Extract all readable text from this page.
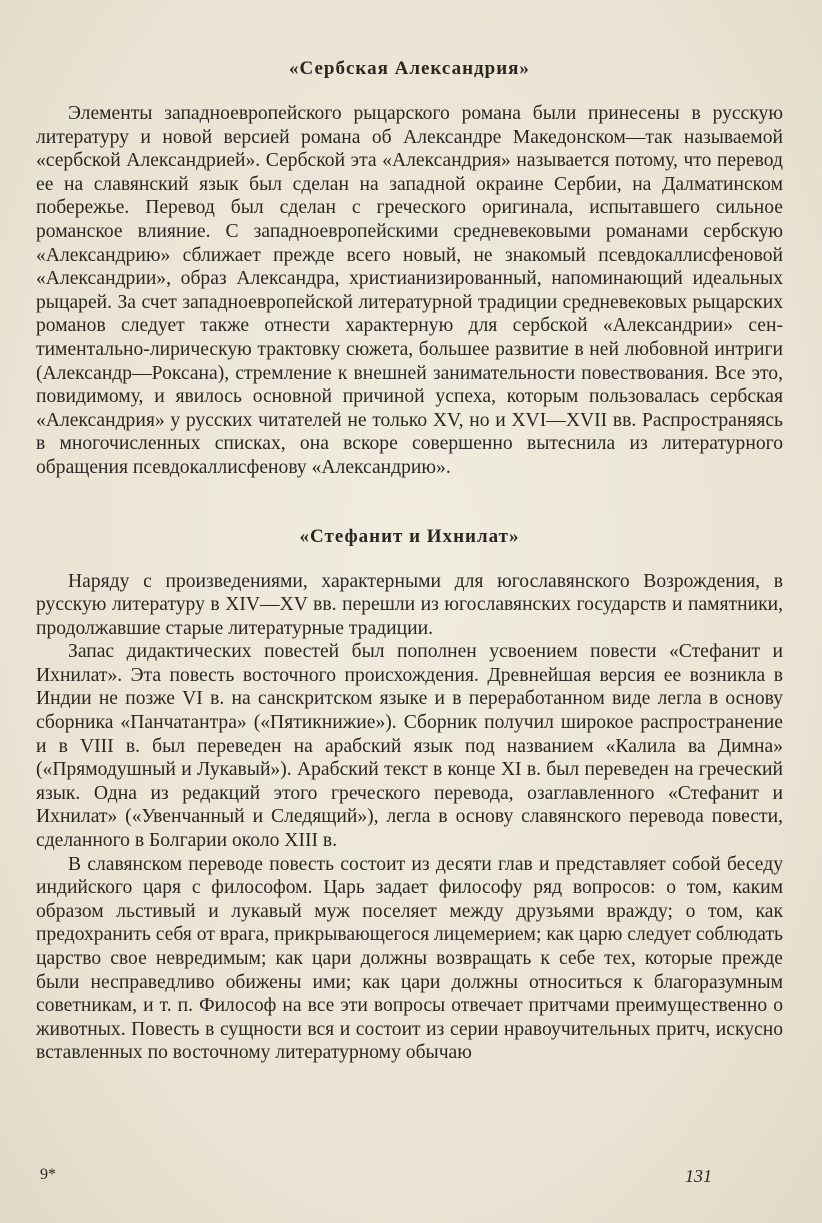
«Сербская Александрия»

Элементы западноевропейского рыцарского романа были принесены в русскую литературу и новой версией романа об Александре Македонском—так называемой «сербской Александрией». Сербской эта «Александрия» называется потому, что перевод ее на славянский язык был сделан на западной окраине Сербии, на Далматинском побережье. Перевод был сделан с греческого оригинала, испытавшего сильное романское влияние. С западноевропейскими средневековыми романами сербскую «Александрию» сближает прежде всего новый, не знакомый псевдокаллисфеновой «Александрии», образ Александра, христианизированный, напоминающий идеальных рыцарей. За счет западноевропейской литературной традиции средневековых рыцарских романов следует также отнести характерную для сербской «Александрии» сентиментально-лирическую трактовку сюжета, большее развитие в ней любовной интриги (Александр—Роксана), стремление к внешней занимательности повествования. Все это, повидимому, и явилось основной причиной успеха, которым пользовалась сербская «Александрия» у русских читателей не только XV, но и XVI—XVII вв. Распространяясь в многочисленных списках, она вскоре совершенно вытеснила из литературного обращения псевдокаллисфенову «Александрию».

«Стефанит и Ихнилат»

Наряду с произведениями, характерными для югославянского Возрождения, в русскую литературу в XIV—XV вв. перешли из югославянских государств и памятники, продолжавшие старые литературные традиции.

Запас дидактических повестей был пополнен усвоением повести «Стефанит и Ихнилат». Эта повесть восточного происхождения. Древнейшая версия ее возникла в Индии не позже VI в. на санскритском языке и в переработанном виде легла в основу сборника «Панчатантра» («Пятикнижие»). Сборник получил широкое распространение и в VIII в. был переведен на арабский язык под названием «Калила ва Димна» («Прямодушный и Лукавый»). Арабский текст в конце XI в. был переведен на греческий язык. Одна из редакций этого греческого перевода, озаглавленного «Стефанит и Ихнилат» («Увенчанный и Следящий»), легла в основу славянского перевода повести, сделанного в Болгарии около XIII в.

В славянском переводе повесть состоит из десяти глав и представляет собой беседу индийского царя с философом. Царь задает философу ряд вопросов: о том, каким образом льстивый и лукавый муж поселяет между друзьями вражду; о том, как предохранить себя от врага, прикрывающегося лицемерием; как царю следует соблюдать царство свое невредимым; как цари должны возвращать к себе тех, которые прежде были несправедливо обижены ими; как цари должны относиться к благоразумным советникам, и т. п. Философ на все эти вопросы отвечает притчами преимущественно о животных. Повесть в сущности вся и состоит из серии нравоучительных притч, искусно вставленных по восточному литературному обычаю

9*	131
